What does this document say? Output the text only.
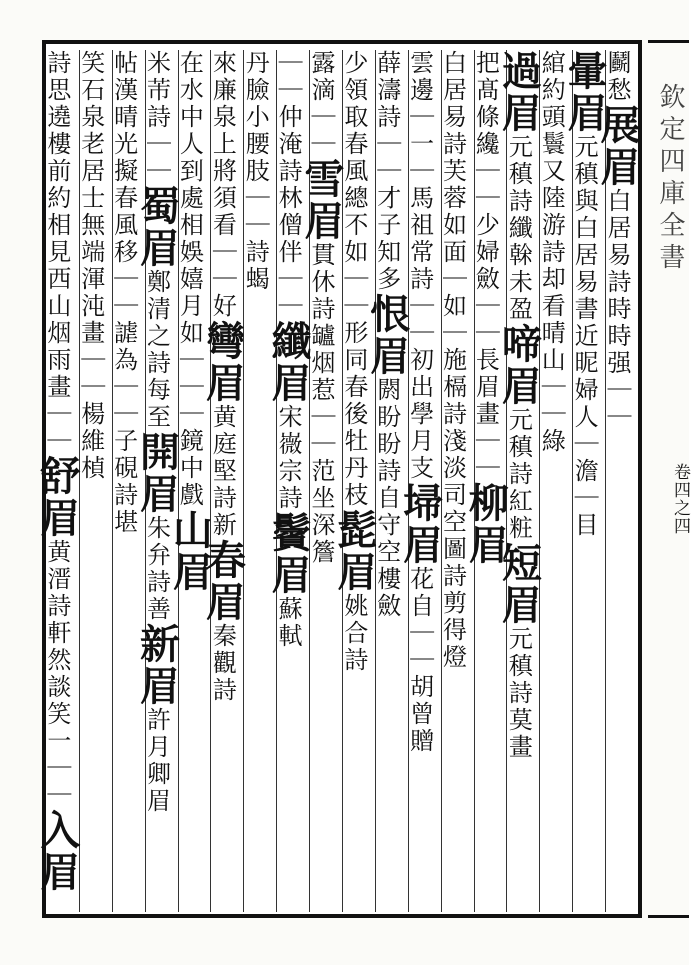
鬬愁展眉白居易詩時時强｜｜
暈眉元稹與白居易書近昵婦人｜澹｜目
綰約頭鬟又陸游詩却看晴山｜｜綠
過眉元稹詩纖榦未盈啼眉元稹詩紅粧短眉元稹詩莫畫
把髙條纔｜｜少婦斂｜｜長眉畫｜｜柳眉
白居易詩芙蓉如面｜如｜施槅詩淺淡司空圖詩剪得燈
雲邊｜一｜馬祖常詩｜｜初出學月支埽眉花自｜｜胡曾贈
薛濤詩｜｜才子知多恨眉閼盼盼詩自守空樓斂
少領取春風總不如｜｜形同春後牡丹枝髭眉姚合詩
露滴｜｜雪眉貫休詩罏烟惹｜｜范坐深簷
｜｜仲淹詩林僧伴｜｜纖眉宋嶶宗詩鬢眉蘇軾
丹臉小腰肢｜｜詩蝎
來廉泉上將須看｜｜好彎眉黄庭堅詩新春眉秦觀詩
在水中人到處相娛嬉月如｜｜｜鏡中戲山眉
米芾詩｜｜蜀眉鄭清之詩每至開眉朱弁詩善新眉許月卿眉
帖漢晴光擬春風移｜｜謔為｜｜子硯詩堪
笑石泉老居士無端渾沌畫｜｜楊維楨
詩思遶樓前約相見西山烟雨畫｜｜舒眉黄溍詩軒然談笑一｜｜入眉
欽定四庫全書
卷四之四
